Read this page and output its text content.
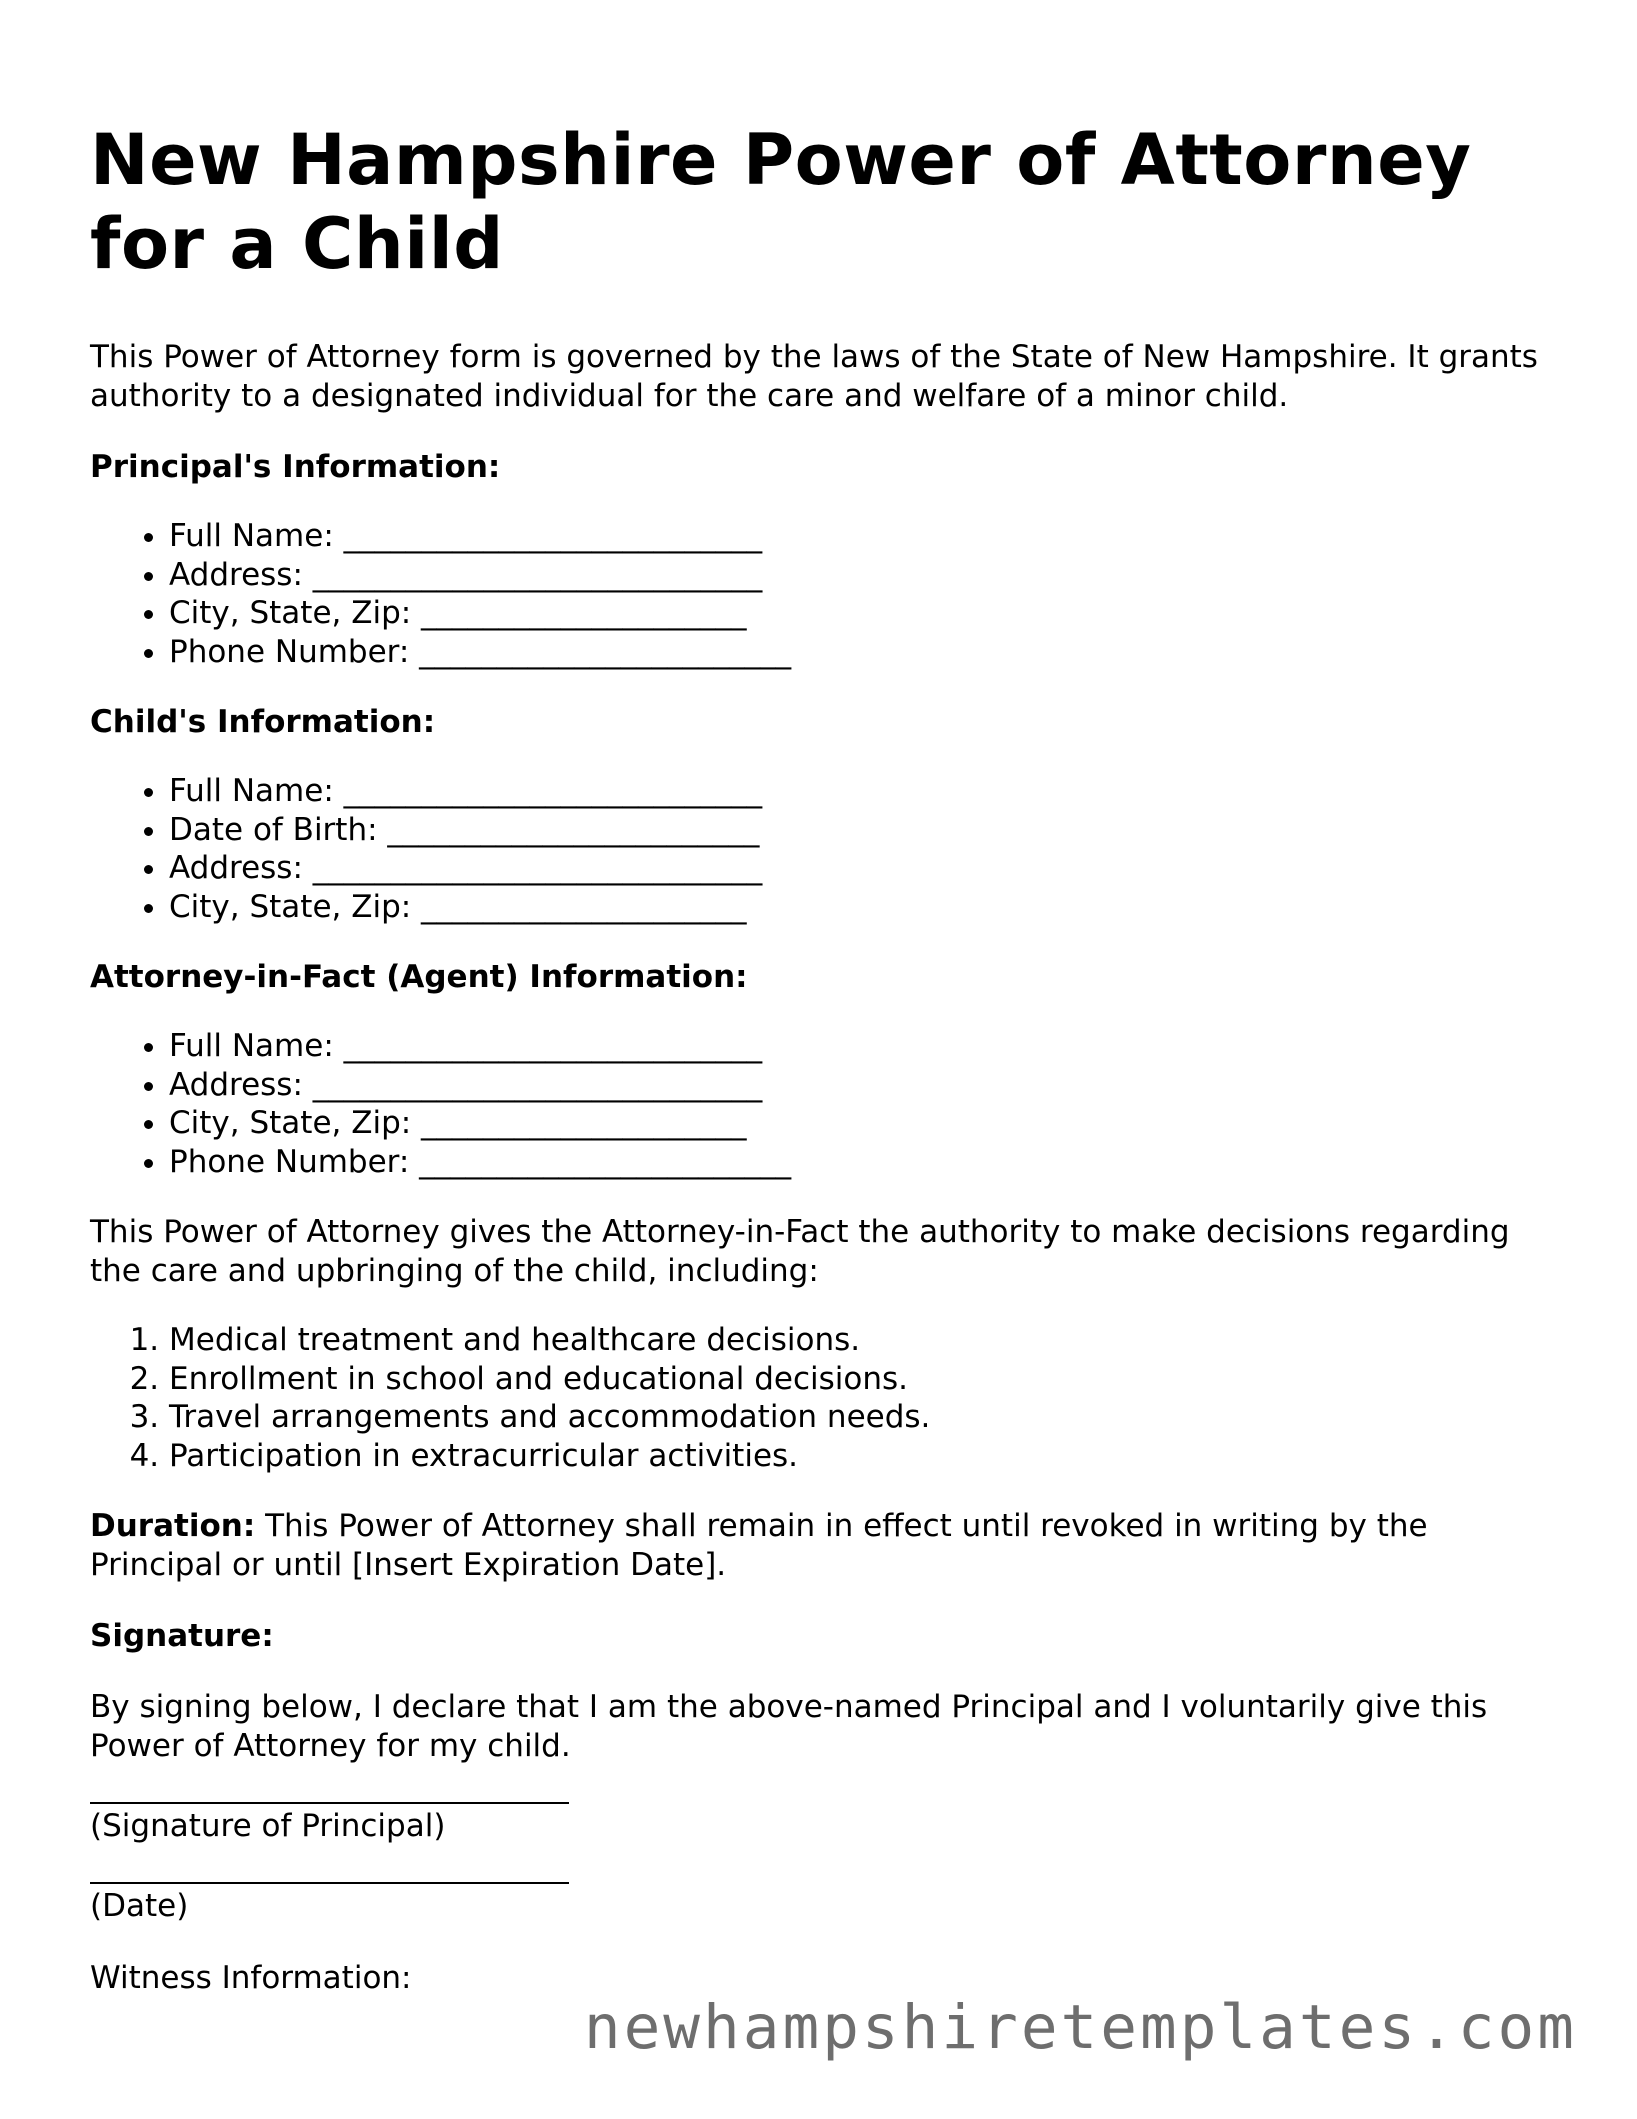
New Hampshire Power of Attorney for a Child

This Power of Attorney form is governed by the laws of the State of New Hampshire. It grants authority to a designated individual for the care and welfare of a minor child.

Principal's Information:
• Full Name: ___________________________
• Address: _____________________________
• City, State, Zip: _____________________
• Phone Number: ________________________
Child's Information:
• Full Name: ___________________________
• Date of Birth: ________________________
• Address: _____________________________
• City, State, Zip: _____________________
Attorney-in-Fact (Agent) Information:
• Full Name: ___________________________
• Address: _____________________________
• City, State, Zip: _____________________
• Phone Number: ________________________

This Power of Attorney gives the Attorney-in-Fact the authority to make decisions regarding the care and upbringing of the child, including:

1. Medical treatment and healthcare decisions.
2. Enrollment in school and educational decisions.
3. Travel arrangements and accommodation needs.
4. Participation in extracurricular activities.

Duration: This Power of Attorney shall remain in effect until revoked in writing by the Principal or until [Insert Expiration Date].

Signature:

By signing below, I declare that I am the above-named Principal and I voluntarily give this Power of Attorney for my child.

(Signature of Principal)
(Date)

Witness Information:

newhampshiretemplates.com
